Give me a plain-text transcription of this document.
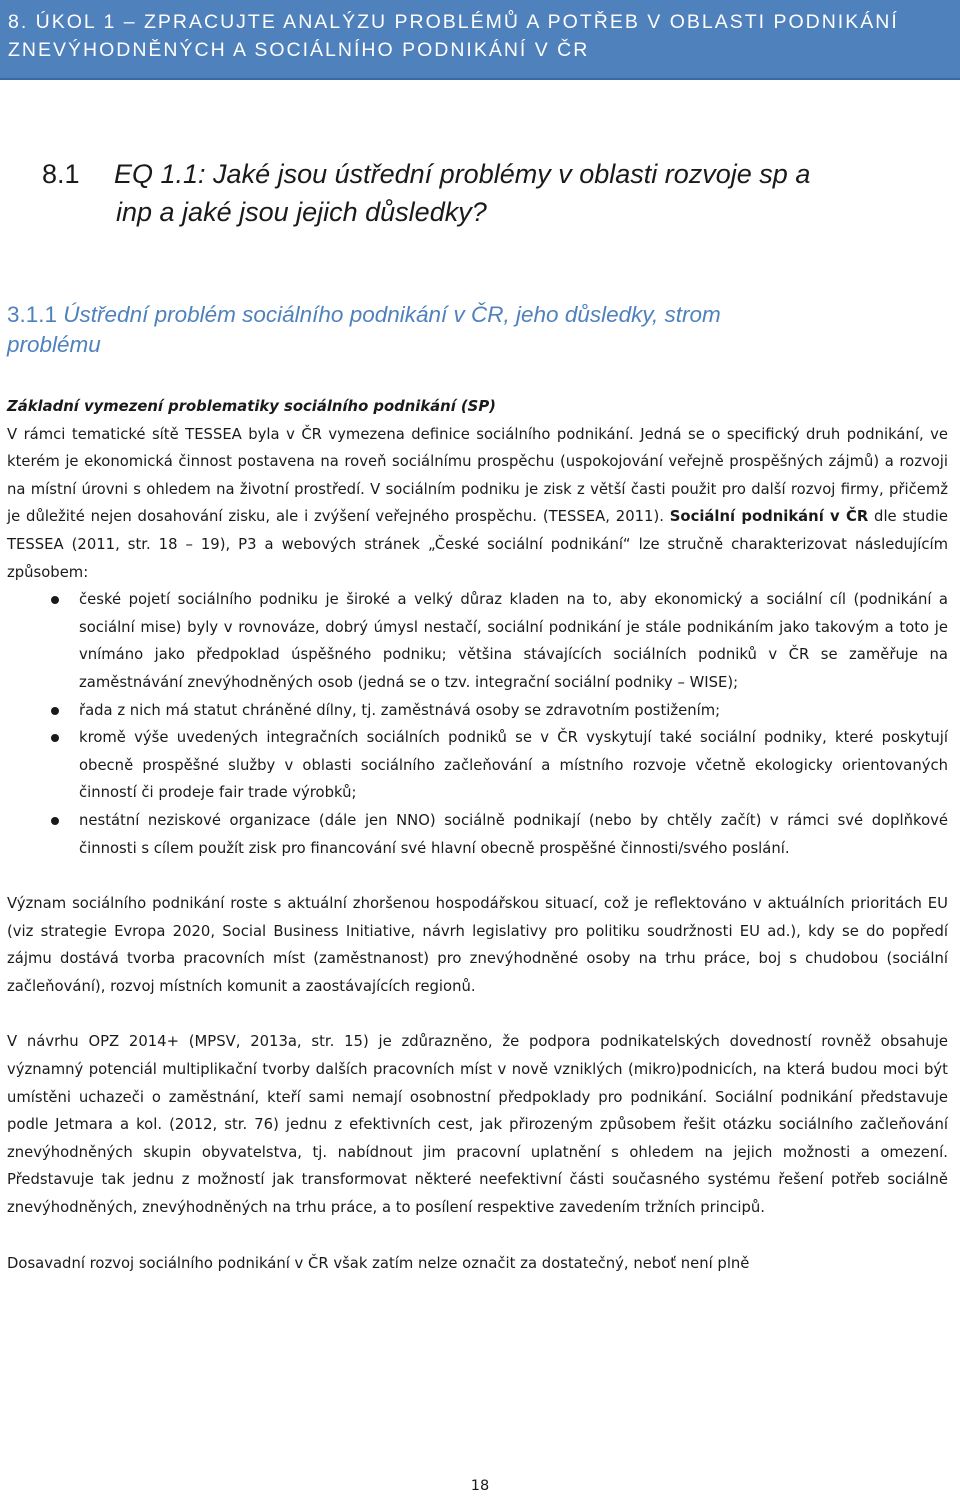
8. ÚKOL 1 – ZPRACUJTE ANALÝZU PROBLÉMŮ A POTŘEB V OBLASTI PODNIKÁNÍ
ZNEVÝHODNĚNÝCH A SOCIÁLNÍHO PODNIKÁNÍ V ČR
8.1 EQ 1.1: Jaké jsou ústřední problémy v oblasti rozvoje sp a
inp a jaké jsou jejich důsledky?
3.1.1 Ústřední problém sociálního podnikání v ČR, jeho důsledky, strom
problému
Základní vymezení problematiky sociálního podnikání (SP)
V rámci tematické sítě TESSEA byla v ČR vymezena definice sociálního podnikání. Jedná se o specifický druh podnikání, ve kterém je ekonomická činnost postavena na roveň sociálnímu prospěchu (uspokojování veřejně prospěšných zájmů) a rozvoji na místní úrovni s ohledem na životní prostředí. V sociálním podniku je zisk z větší časti použit pro další rozvoj firmy, přičemž je důležité nejen dosahování zisku, ale i zvýšení veřejného prospěchu. (TESSEA, 2011). Sociální podnikání v ČR dle studie TESSEA (2011, str. 18 – 19), P3 a webových stránek „České sociální podnikání“ lze stručně charakterizovat následujícím způsobem:
české pojetí sociálního podniku je široké a velký důraz kladen na to, aby ekonomický a sociální cíl (podnikání a sociální mise) byly v rovnováze, dobrý úmysl nestačí, sociální podnikání je stále podnikáním jako takovým a toto je vnímáno jako předpoklad úspěšného podniku; většina stávajících sociálních podniků v ČR se zaměřuje na zaměstnávání znevýhodněných osob (jedná se o tzv. integrační sociální podniky – WISE);
řada z nich má statut chráněné dílny, tj. zaměstnává osoby se zdravotním postižením;
kromě výše uvedených integračních sociálních podniků se v ČR vyskytují také sociální podniky, které poskytují obecně prospěšné služby v oblasti sociálního začleňování a místního rozvoje včetně ekologicky orientovaných činností či prodeje fair trade výrobků;
nestátní neziskové organizace (dále jen NNO) sociálně podnikají (nebo by chtěly začít) v rámci své doplňkové činnosti s cílem použít zisk pro financování své hlavní obecně prospěšné činnosti/svého poslání.
Význam sociálního podnikání roste s aktuální zhoršenou hospodářskou situací, což je reflektováno v aktuálních prioritách EU (viz strategie Evropa 2020, Social Business Initiative, návrh legislativy pro politiku soudržnosti EU ad.), kdy se do popředí zájmu dostává tvorba pracovních míst (zaměstnanost) pro znevýhodněné osoby na trhu práce, boj s chudobou (sociální začleňování), rozvoj místních komunit a zaostávajících regionů.
V návrhu OPZ 2014+ (MPSV, 2013a, str. 15) je zdůrazněno, že podpora podnikatelských dovedností rovněž obsahuje významný potenciál multiplikační tvorby dalších pracovních míst v nově vzniklých (mikro)podnicích, na která budou moci být umístěni uchazeči o zaměstnání, kteří sami nemají osobnostní předpoklady pro podnikání. Sociální podnikání představuje podle Jetmara a kol. (2012, str. 76) jednu z efektivních cest, jak přirozeným způsobem řešit otázku sociálního začleňování znevýhodněných skupin obyvatelstva, tj. nabídnout jim pracovní uplatnění s ohledem na jejich možnosti a omezení. Představuje tak jednu z možností jak transformovat některé neefektivní části současného systému řešení potřeb sociálně znevýhodněných, znevýhodněných na trhu práce, a to posílení respektive zavedením tržních principů.
Dosavadní rozvoj sociálního podnikání v ČR však zatím nelze označit za dostatečný, neboť není plně
18
